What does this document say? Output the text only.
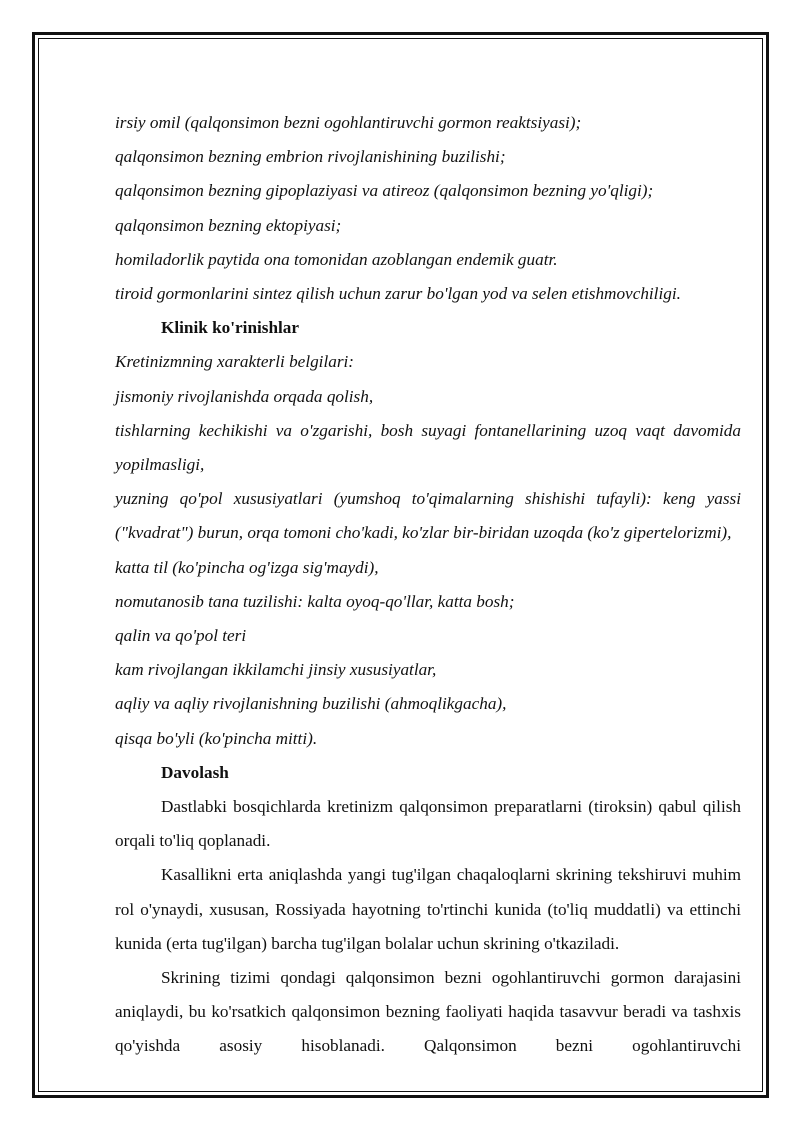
irsiy omil (qalqonsimon bezni ogohlantiruvchi gormon reaktsiyasi);

qalqonsimon bezning embrion rivojlanishining buzilishi;

qalqonsimon bezning gipoplaziyasi va atireoz (qalqonsimon bezning yo'qligi);

qalqonsimon bezning ektopiyasi;

homiladorlik paytida ona tomonidan azoblangan endemik guatr.

tiroid gormonlarini sintez qilish uchun zarur bo'lgan yod va selen etishmovchiligi.

Klinik ko'rinishlar

Kretinizmning xarakterli belgilari:

jismoniy rivojlanishda orqada qolish,

tishlarning kechikishi va o'zgarishi, bosh suyagi fontanellarining uzoq vaqt davomida yopilmasligi,

yuzning qo'pol xususiyatlari (yumshoq to'qimalarning shishishi tufayli): keng yassi ("kvadrat") burun, orqa tomoni cho'kadi, ko'zlar bir-biridan uzoqda (ko'z gipertelorizmi),

katta til (ko'pincha og'izga sig'maydi),

nomutanosib tana tuzilishi: kalta oyoq-qo'llar, katta bosh;

qalin va qo'pol teri

kam rivojlangan ikkilamchi jinsiy xususiyatlar,

aqliy va aqliy rivojlanishning buzilishi (ahmoqlikgacha),

qisqa bo'yli (ko'pincha mitti).

Davolash

Dastlabki bosqichlarda kretinizm qalqonsimon preparatlarni (tiroksin) qabul qilish orqali to'liq qoplanadi.

Kasallikni erta aniqlashda yangi tug'ilgan chaqaloqlarni skrining tekshiruvi muhim rol o'ynaydi, xususan, Rossiyada hayotning to'rtinchi kunida (to'liq muddatli) va ettinchi kunida (erta tug'ilgan) barcha tug'ilgan bolalar uchun skrining o'tkaziladi.

Skrining tizimi qondagi qalqonsimon bezni ogohlantiruvchi gormon darajasini aniqlaydi, bu ko'rsatkich qalqonsimon bezning faoliyati haqida tasavvur beradi va tashxis qo'yishda asosiy hisoblanadi. Qalqonsimon bezni ogohlantiruvchi
